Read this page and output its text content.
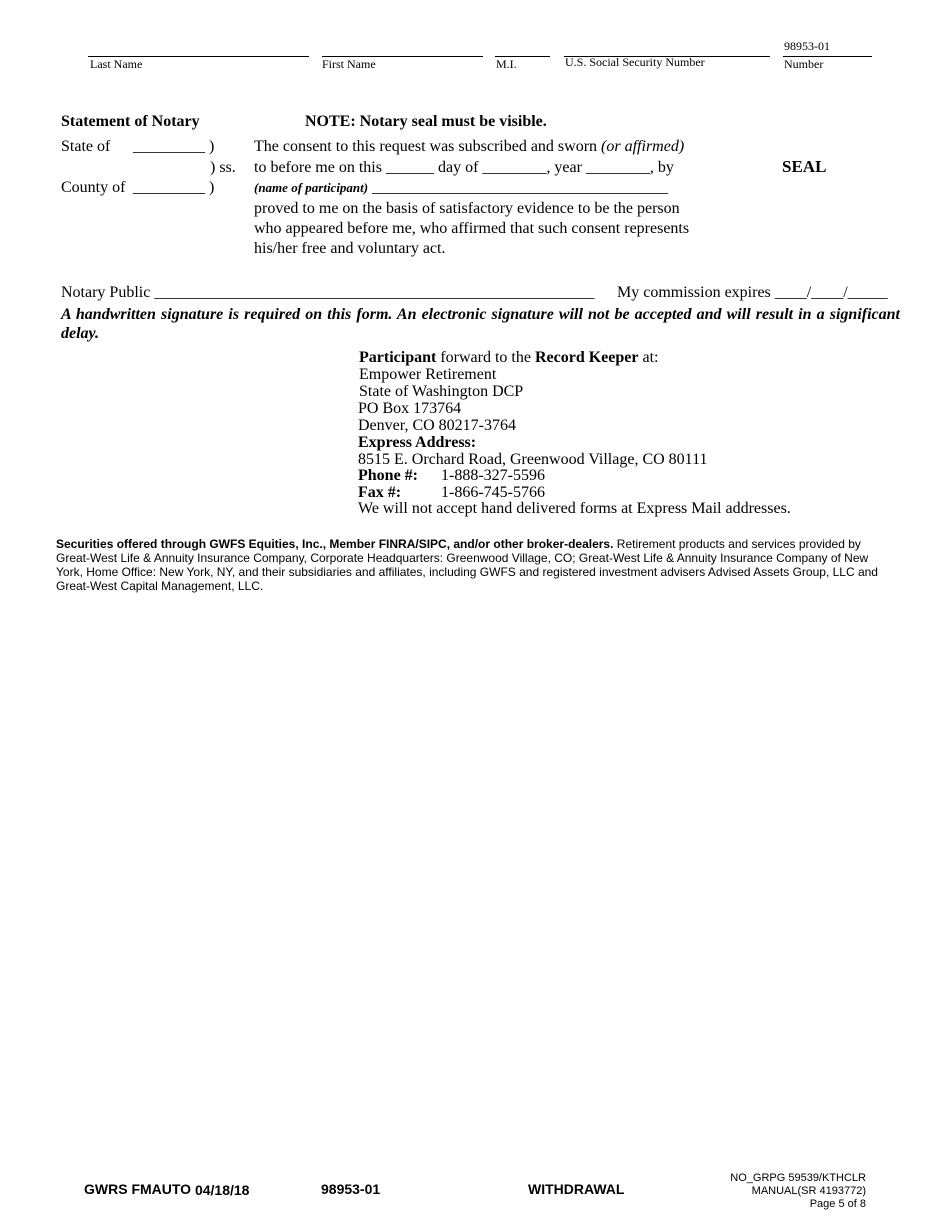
98953-01
Last Name	First Name	M.I.	U.S. Social Security Number	Number
Statement of Notary	NOTE: Notary seal must be visible.
State of _________ )
) ss.
County of _________ )
The consent to this request was subscribed and sworn (or affirmed)
to before me on this ______ day of ________, year ________, by
(name of participant) _____________________________________
proved to me on the basis of satisfactory evidence to be the person
who appeared before me, who affirmed that such consent represents
his/her free and voluntary act.
SEAL
Notary Public _______________________________________________________ My commission expires ____/____/_____
A handwritten signature is required on this form. An electronic signature will not be accepted and will result in a significant delay.
Participant forward to the Record Keeper at:
Empower Retirement
State of Washington DCP
PO Box 173764
Denver, CO 80217-3764
Express Address:
8515 E. Orchard Road, Greenwood Village, CO 80111
Phone #: 1-888-327-5596
Fax #: 1-866-745-5766
We will not accept hand delivered forms at Express Mail addresses.
Securities offered through GWFS Equities, Inc., Member FINRA/SIPC, and/or other broker-dealers. Retirement products and services provided by Great-West Life & Annuity Insurance Company, Corporate Headquarters: Greenwood Village, CO; Great-West Life & Annuity Insurance Company of New York, Home Office: New York, NY, and their subsidiaries and affiliates, including GWFS and registered investment advisers Advised Assets Group, LLC and Great-West Capital Management, LLC.
GWRS FMAUTO 04/18/18	98953-01	WITHDRAWAL
NO_GRPG 59539/KTHCLR
MANUAL(SR 4193772)
Page 5 of 8
